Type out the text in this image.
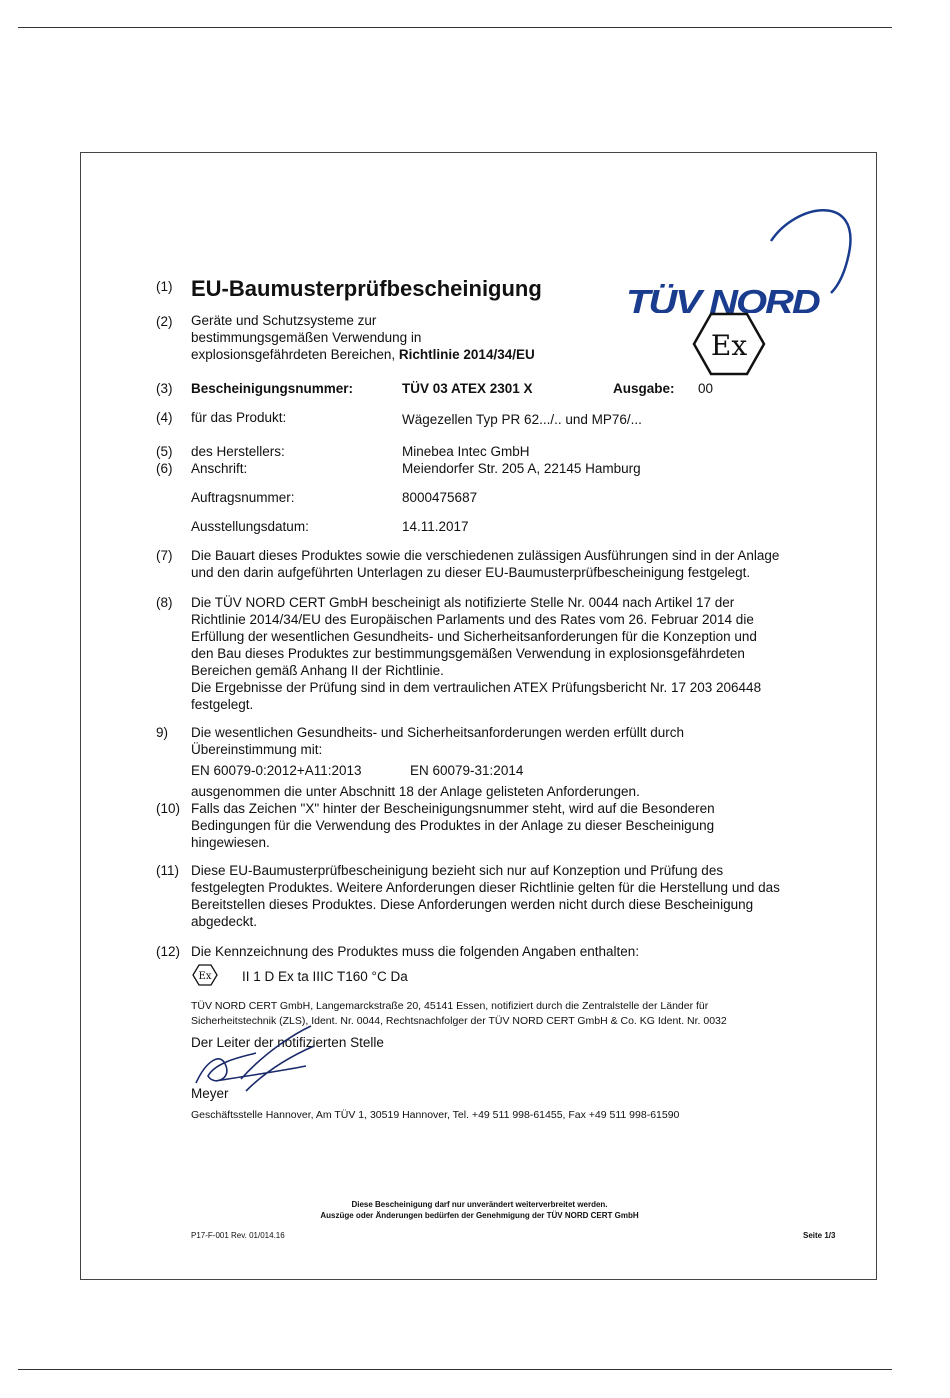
TÜV NORD
Ex
(1) EU-Baumusterprüfbescheinigung
(2) Geräte und Schutzsysteme zur
bestimmungsgemäßen Verwendung in
explosionsgefährdeten Bereichen, Richtlinie 2014/34/EU
(3) Bescheinigungsnummer:	TÜV 03 ATEX 2301 X	Ausgabe: 00
(4) für das Produkt:	Wägezellen Typ PR 62.../.. und MP76/...
(5) des Herstellers:	Minebea Intec GmbH
(6) Anschrift:	Meiendorfer Str. 205 A, 22145 Hamburg
Auftragsnummer:	8000475687
Ausstellungsdatum:	14.11.2017
(7) Die Bauart dieses Produktes sowie die verschiedenen zulässigen Ausführungen sind in der Anlage
und den darin aufgeführten Unterlagen zu dieser EU-Baumusterprüfbescheinigung festgelegt.
(8) Die TÜV NORD CERT GmbH bescheinigt als notifizierte Stelle Nr. 0044 nach Artikel 17 der
Richtlinie 2014/34/EU des Europäischen Parlaments und des Rates vom 26. Februar 2014 die
Erfüllung der wesentlichen Gesundheits- und Sicherheitsanforderungen für die Konzeption und
den Bau dieses Produktes zur bestimmungsgemäßen Verwendung in explosionsgefährdeten
Bereichen gemäß Anhang II der Richtlinie.
Die Ergebnisse der Prüfung sind in dem vertraulichen ATEX Prüfungsbericht Nr. 17 203 206448
festgelegt.
9) Die wesentlichen Gesundheits- und Sicherheitsanforderungen werden erfüllt durch
Übereinstimmung mit:
EN 60079-0:2012+A11:2013	EN 60079-31:2014
ausgenommen die unter Abschnitt 18 der Anlage gelisteten Anforderungen.
(10) Falls das Zeichen "X" hinter der Bescheinigungsnummer steht, wird auf die Besonderen
Bedingungen für die Verwendung des Produktes in der Anlage zu dieser Bescheinigung
hingewiesen.
(11) Diese EU-Baumusterprüfbescheinigung bezieht sich nur auf Konzeption und Prüfung des
festgelegten Produktes. Weitere Anforderungen dieser Richtlinie gelten für die Herstellung und das
Bereitstellen dieses Produktes. Diese Anforderungen werden nicht durch diese Bescheinigung
abgedeckt.
(12) Die Kennzeichnung des Produktes muss die folgenden Angaben enthalten:
Ex II 1 D Ex ta IIIC T160 °C Da
TÜV NORD CERT GmbH, Langemarckstraße 20, 45141 Essen, notifiziert durch die Zentralstelle der Länder für
Sicherheitstechnik (ZLS), Ident. Nr. 0044, Rechtsnachfolger der TÜV NORD CERT GmbH & Co. KG Ident. Nr. 0032
Der Leiter der notifizierten Stelle
Meyer
Geschäftsstelle Hannover, Am TÜV 1, 30519 Hannover, Tel. +49 511 998-61455, Fax +49 511 998-61590
Diese Bescheinigung darf nur unverändert weiterverbreitet werden.
Auszüge oder Änderungen bedürfen der Genehmigung der TÜV NORD CERT GmbH
P17-F-001 Rev. 01/014.16	Seite 1/3
